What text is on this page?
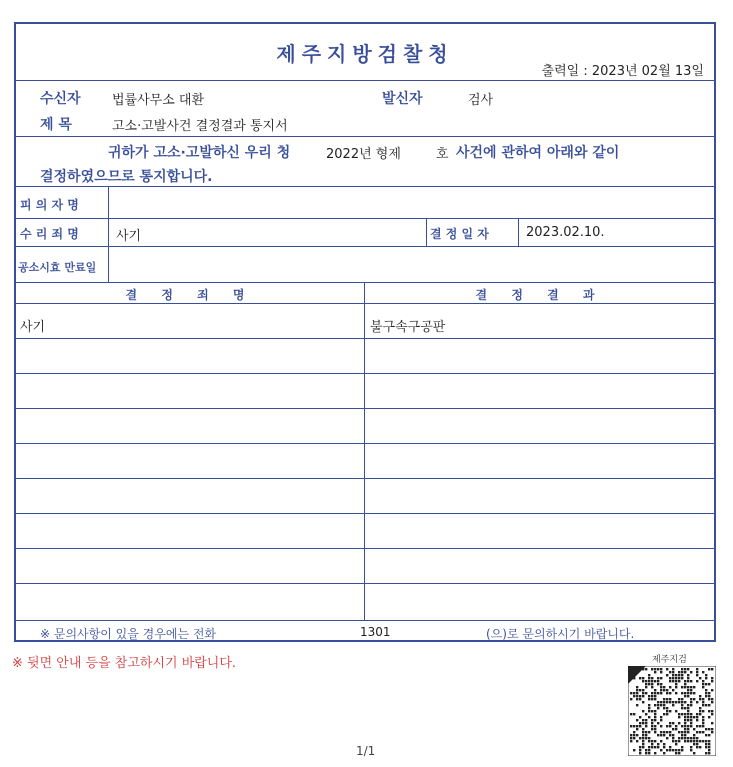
제주지방검찰청
출력일 : 2023년 02월 13일
수신자 법률사무소 대환	발신자	검사
제 목	고소·고발사건 결정결과 통지서
귀하가 고소·고발하신 우리 청	2022년 형제	호 사건에 관하여 아래와 같이
결정하였으므로 통지합니다.
피 의 자 명
수 리 죄 명	사기	결 정 일 자	2023.02.10.
공소시효 만료일
결 정 죄 명	결 정 결 과
사기	불구속구공판
※ 문의사항이 있을 경우에는 전화	1301	(으)로 문의하시기 바랍니다.
※ 뒷면 안내 등을 참고하시기 바랍니다.	제주지검
1/1
